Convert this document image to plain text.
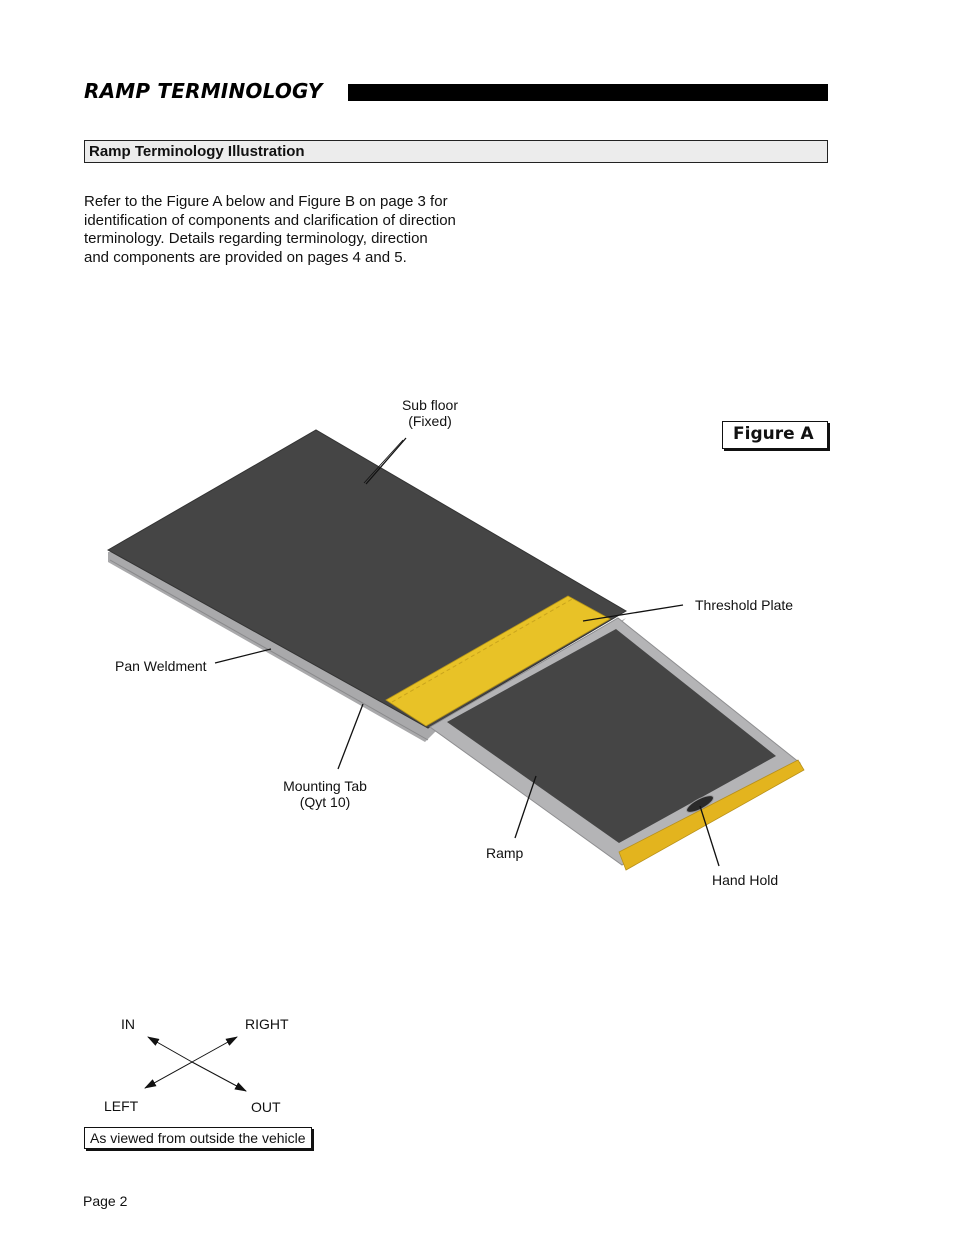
RAMP TERMINOLOGY
Ramp Terminology Illustration
Refer to the Figure A below and Figure B on page 3 for identification of components and clarification of direction terminology. Details regarding terminology, direction and components are provided on pages 4 and 5.
Figure A
Sub floor
(Fixed)
Threshold Plate
Pan Weldment
Mounting Tab
(Qyt 10)
Ramp
Hand Hold
IN	RIGHT
LEFT	OUT
As viewed from outside the vehicle
Page 2
